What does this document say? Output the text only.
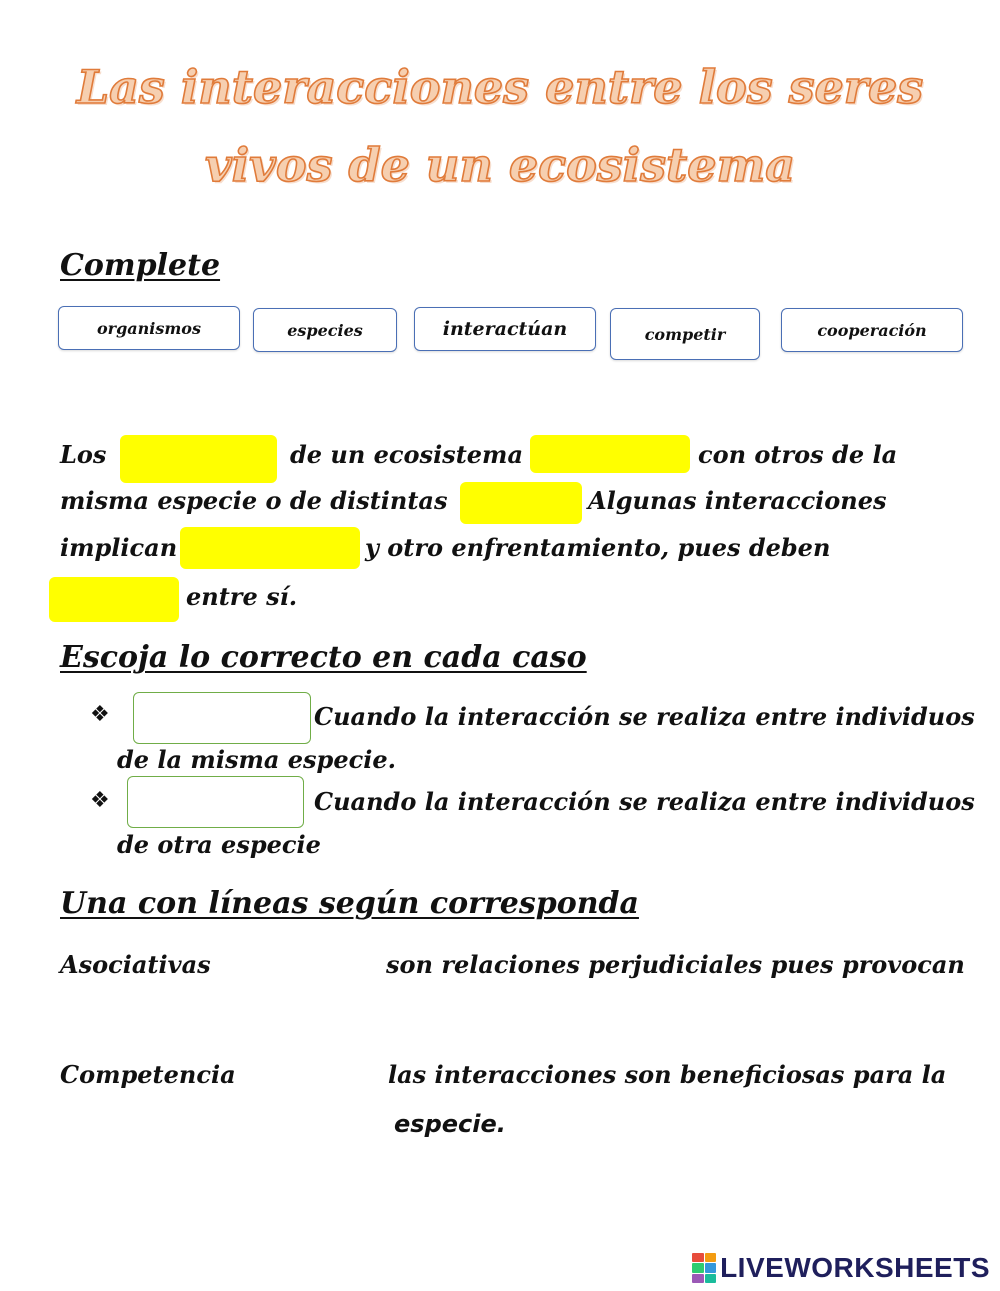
Las interacciones entre los seres
vivos de un ecosistema
Complete
organismos	especies	interactúan	competir	cooperación
Los	de un ecosistema	con otros de la
misma especie o de distintas	Algunas interacciones
implican	y otro enfrentamiento, pues deben
entre sí.
Escoja lo correcto en cada caso
❖	Cuando la interacción se realiza entre individuos
de la misma especie.
❖	Cuando la interacción se realiza entre individuos
de otra especie
Una con líneas según corresponda
Asociativas	son relaciones perjudiciales pues provocan
Competencia	las interacciones son beneficiosas para la
especie.
LIVEWORKSHEETS
